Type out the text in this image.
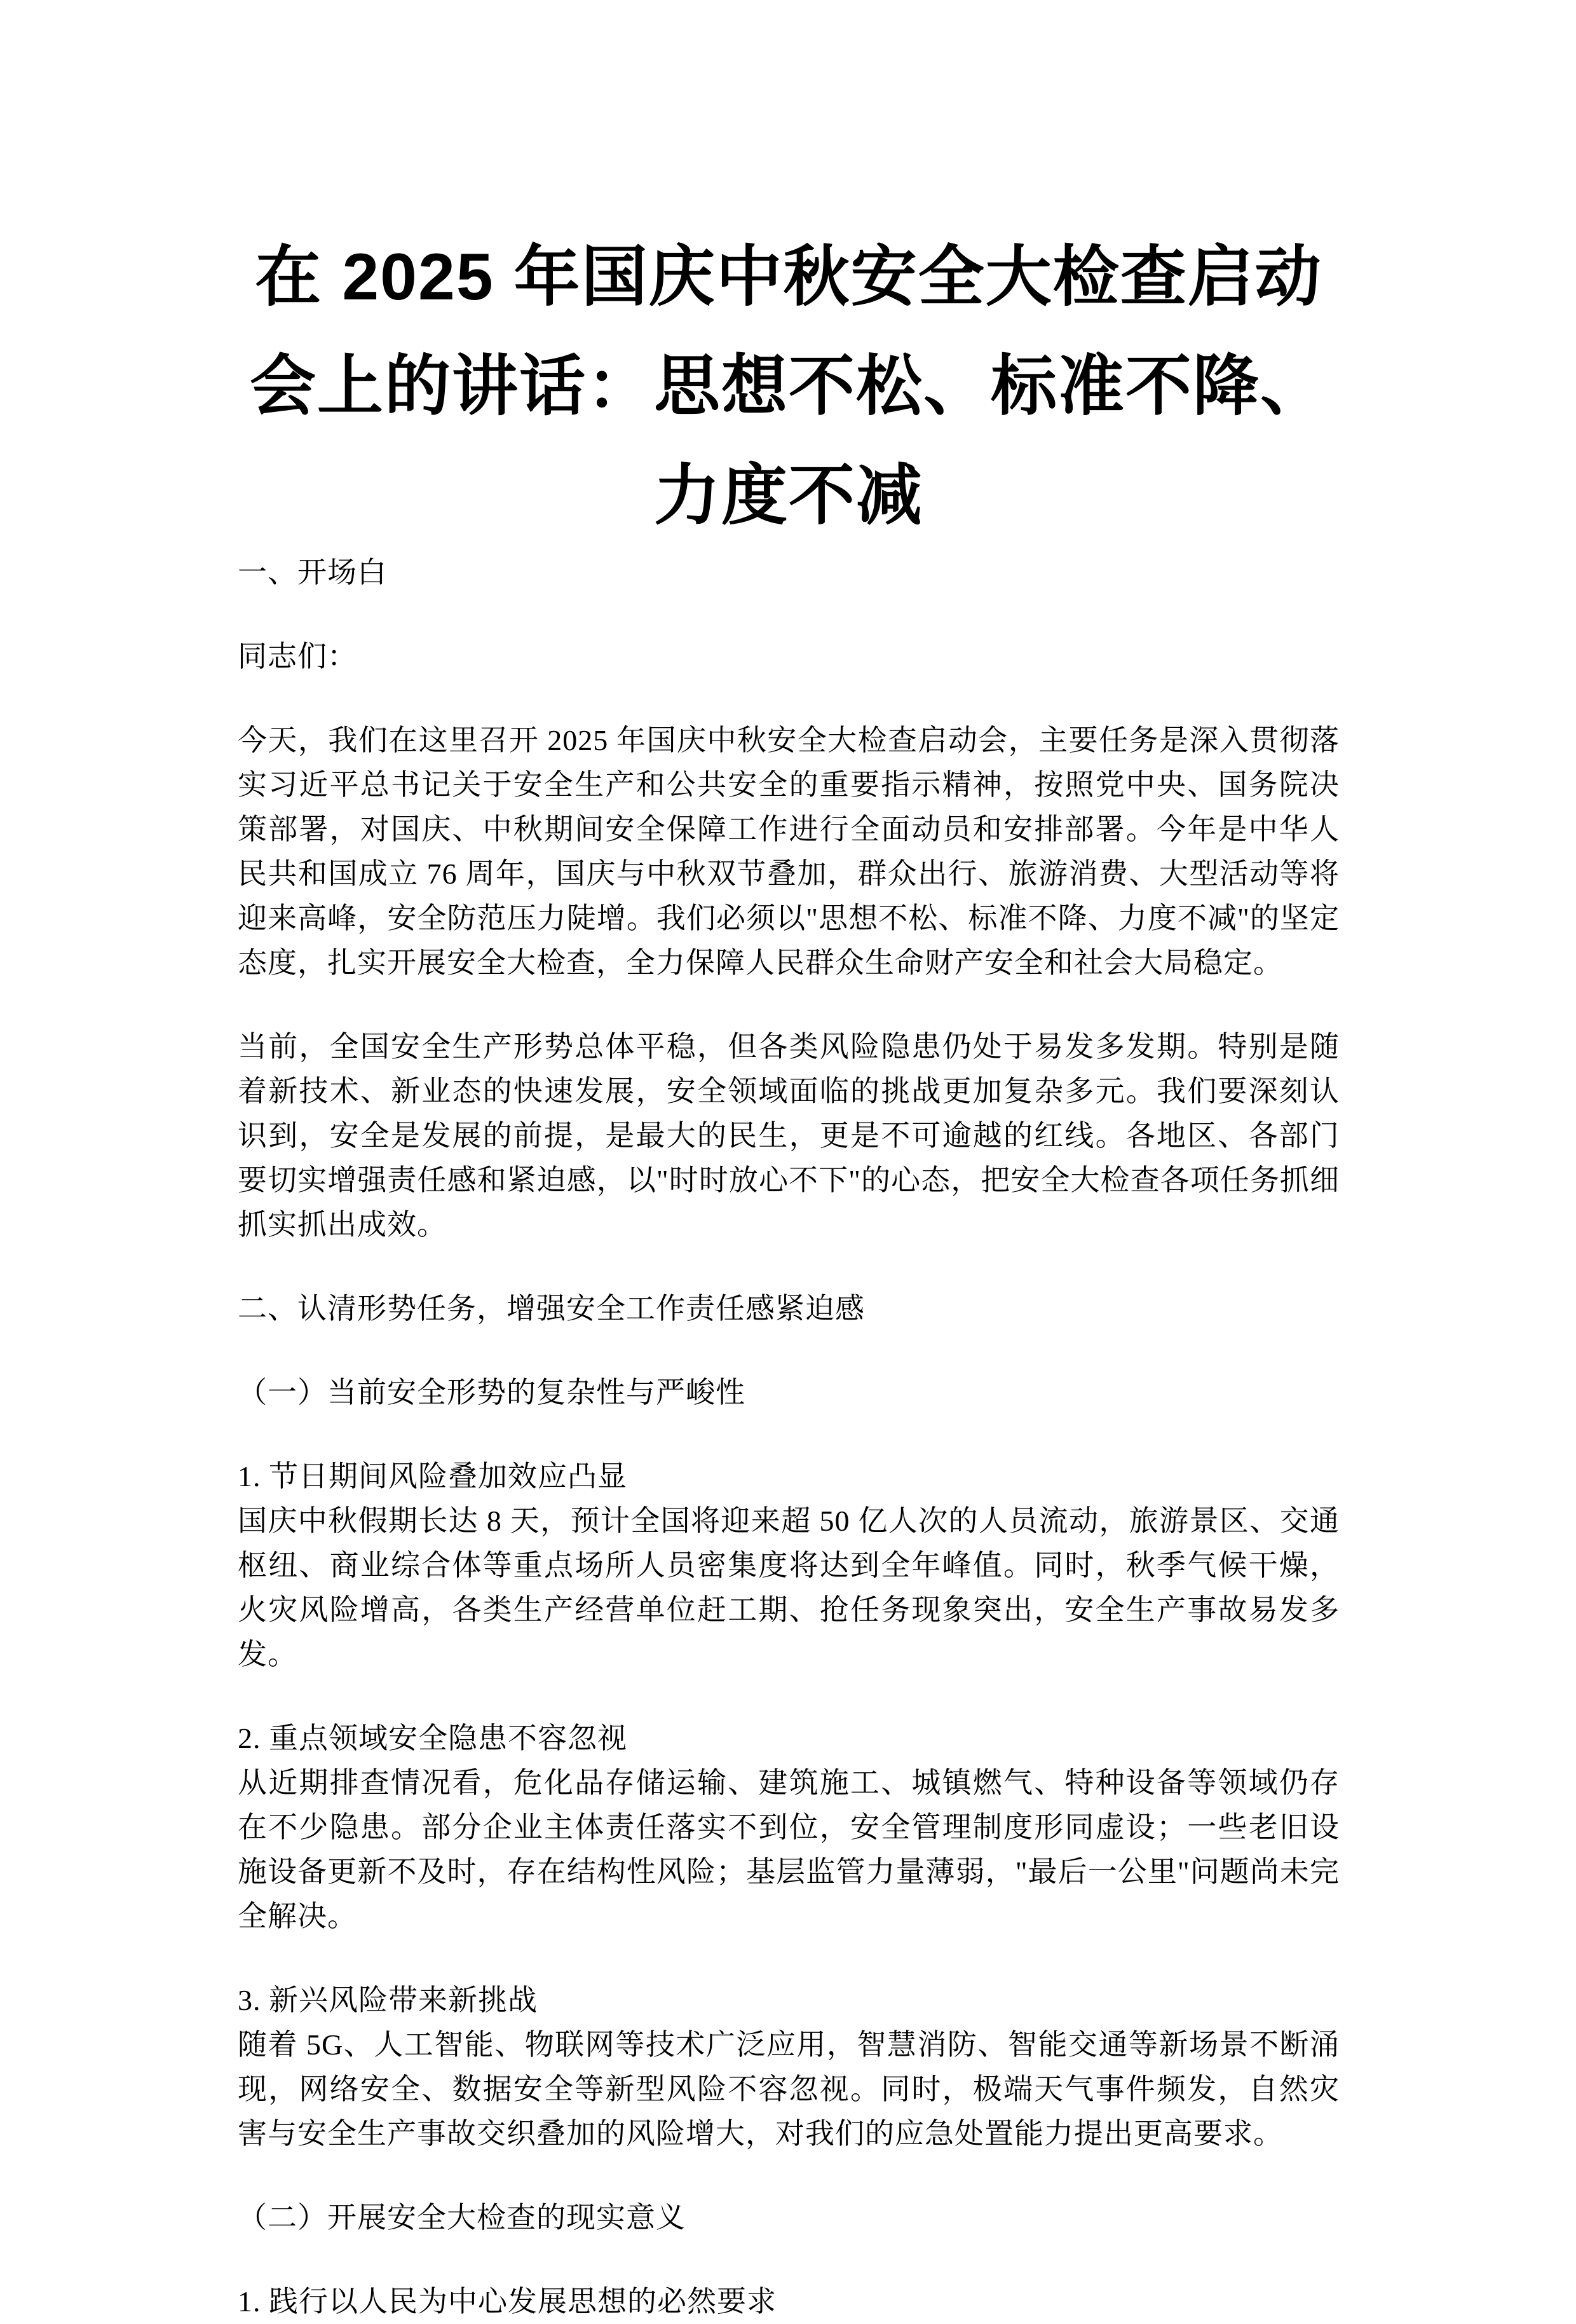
在 2025 年国庆中秋安全大检查启动会上的讲话：思想不松、标准不降、力度不减

一、开场白

同志们：

今天，我们在这里召开 2025 年国庆中秋安全大检查启动会，主要任务是深入贯彻落实习近平总书记关于安全生产和公共安全的重要指示精神，按照党中央、国务院决策部署，对国庆、中秋期间安全保障工作进行全面动员和安排部署。今年是中华人民共和国成立 76 周年，国庆与中秋双节叠加，群众出行、旅游消费、大型活动等将迎来高峰，安全防范压力陡增。我们必须以"思想不松、标准不降、力度不减"的坚定态度，扎实开展安全大检查，全力保障人民群众生命财产安全和社会大局稳定。

当前，全国安全生产形势总体平稳，但各类风险隐患仍处于易发多发期。特别是随着新技术、新业态的快速发展，安全领域面临的挑战更加复杂多元。我们要深刻认识到，安全是发展的前提，是最大的民生，更是不可逾越的红线。各地区、各部门要切实增强责任感和紧迫感，以"时时放心不下"的心态，把安全大检查各项任务抓细抓实抓出成效。

二、认清形势任务，增强安全工作责任感紧迫感

（一）当前安全形势的复杂性与严峻性

1. 节日期间风险叠加效应凸显

国庆中秋假期长达 8 天，预计全国将迎来超 50 亿人次的人员流动，旅游景区、交通枢纽、商业综合体等重点场所人员密集度将达到全年峰值。同时，秋季气候干燥，火灾风险增高，各类生产经营单位赶工期、抢任务现象突出，安全生产事故易发多发。

2. 重点领域安全隐患不容忽视

从近期排查情况看，危化品存储运输、建筑施工、城镇燃气、特种设备等领域仍存在不少隐患。部分企业主体责任落实不到位，安全管理制度形同虚设；一些老旧设施设备更新不及时，存在结构性风险；基层监管力量薄弱，"最后一公里"问题尚未完全解决。

3. 新兴风险带来新挑战

随着 5G、人工智能、物联网等技术广泛应用，智慧消防、智能交通等新场景不断涌现，网络安全、数据安全等新型风险不容忽视。同时，极端天气事件频发，自然灾害与安全生产事故交织叠加的风险增大，对我们的应急处置能力提出更高要求。

（二）开展安全大检查的现实意义

1. 践行以人民为中心发展思想的必然要求
